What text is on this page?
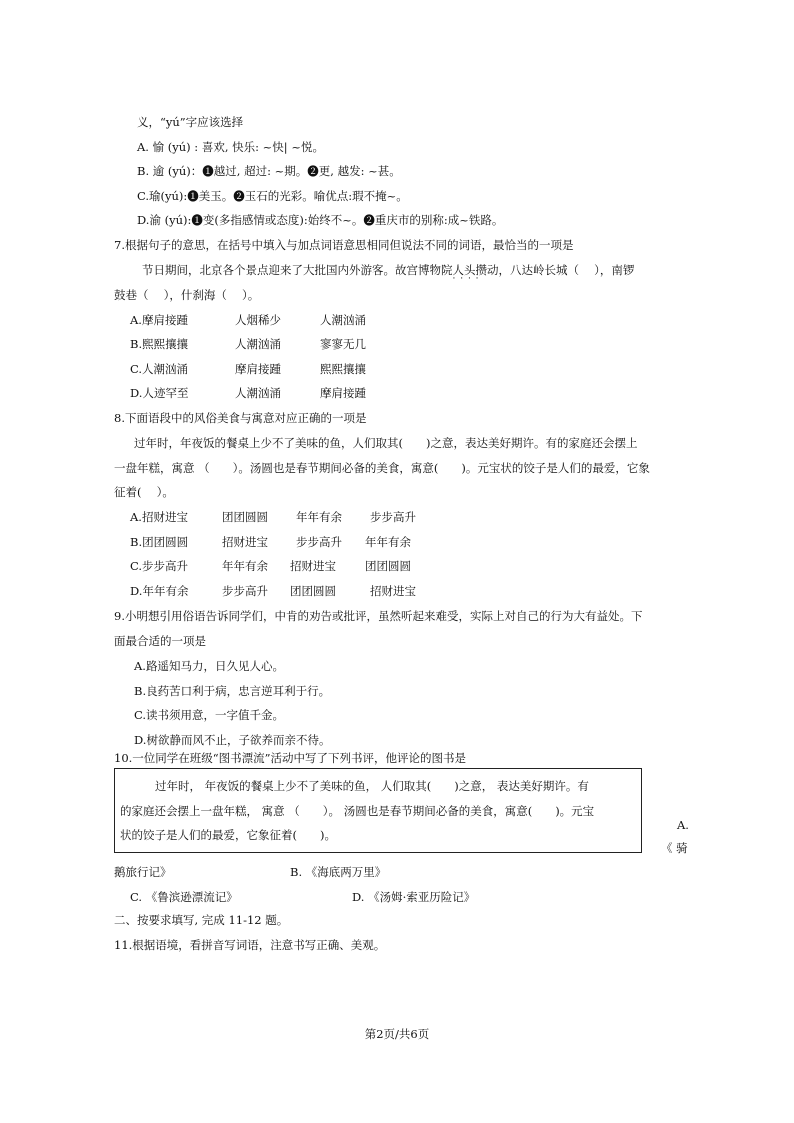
义，“yú”字应该选择
A. 愉 (yú) : 喜欢, 快乐: ~快| ~悦。
B. 逾 (yú)：❶越过, 超过: ~期。❷更, 越发: ~甚。
C.瑜(yú):❶美玉。❷玉石的光彩。喻优点:瑕不掩~。
D.渝 (yú):❶变(多指感情或态度):始终不~。❷重庆市的别称:成~铁路。
7.根据句子的意思，在括号中填入与加点词语意思相同但说法不同的词语，最恰当的一项是
节日期间，北京各个景点迎来了大批国内外游客。故宫博物院人头攒动 · · · ·，八达岭长城（　 ），南锣
鼓巷（　 ），什刹海（　 ）。
A.摩肩接踵	人烟稀少	人潮汹涌
B.熙熙攘攘	人潮汹涌	寥寥无几
C.人潮汹涌	摩肩接踵	熙熙攘攘
D.人迹罕至	人潮汹涌	摩肩接踵
8.下面语段中的风俗美食与寓意对应正确的一项是
过年时，年夜饭的餐桌上少不了美味的鱼，人们取其(　　)之意，表达美好期许。有的家庭还会摆上
一盘年糕，寓意 （　　）。汤圆也是春节期间必备的美食，寓意(　　)。元宝状的饺子是人们的最爱，它象
征着(　 ）。
A.招财进宝	团团圆圆 年年有余 步步高升
B.团团圆圆	招财进宝 步步高升 年年有余
C.步步高升	年年有余 招财进宝	团团圆圆
D.年年有余	步步高升 团团圆圆	招财进宝
9.小明想引用俗语告诉同学们，中肯的劝告或批评，虽然听起来难受，实际上对自己的行为大有益处。下
面最合适的一项是
A.路遥知马力，日久见人心。
B.良药苦口利于病，忠言逆耳利于行。
C.读书须用意，一字值千金。
D.树欲静而风不止，子欲养而亲不待。
10.一位同学在班级“图书漂流”活动中写了下列书评，他评论的图书是
过年时， 年夜饭的餐桌上少不了美味的鱼， 人们取其(　　)之意， 表达美好期许。有
的家庭还会摆上一盘年糕， 寓意 （　　）。 汤圆也是春节期间必备的美食，寓意(　　)。元宝
状的饺子是人们的最爱，它象征着(　　)。
A.
《 骑
鹅旅行记》	B. 《海底两万里》
C. 《鲁滨逊漂流记》	D. 《汤姆·索亚历险记》
二、按要求填写, 完成 11-12 题。
11.根据语境，看拼音写词语，注意书写正确、美观。
第2页/共6页
